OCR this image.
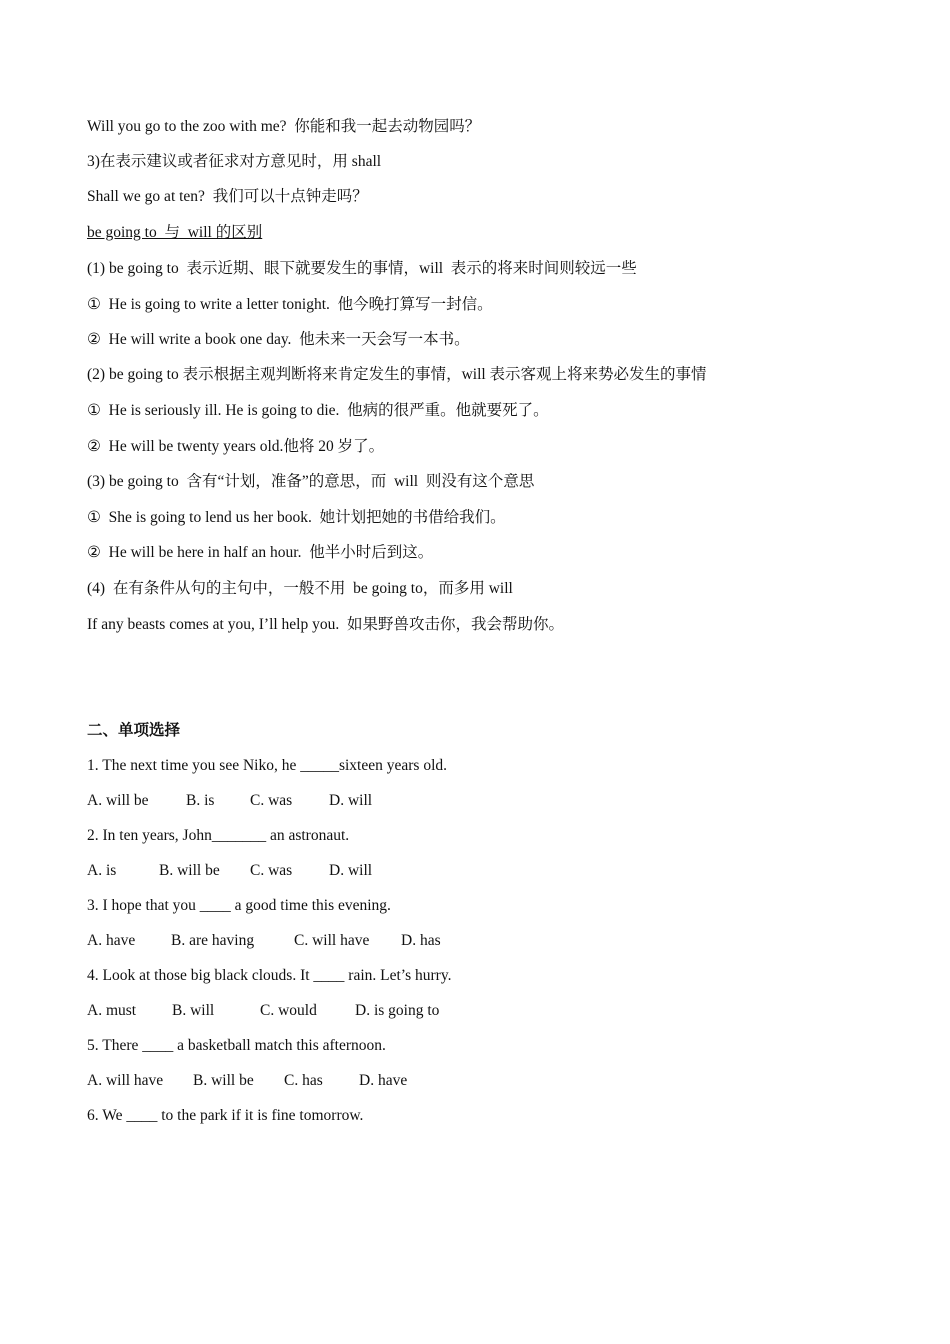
Will you go to the zoo with me?  你能和我一起去动物园吗？
3)在表示建议或者征求对方意见时，用 shall
Shall we go at ten?  我们可以十点钟走吗？
be going to  与  will 的区别
(1) be going to  表示近期、眼下就要发生的事情，will  表示的将来时间则较远一些
①  He is going to write a letter tonight.  他今晚打算写一封信。
②  He will write a book one day.  他未来一天会写一本书。
(2) be going to 表示根据主观判断将来肯定发生的事情，will 表示客观上将来势必发生的事情
①  He is seriously ill. He is going to die.  他病的很严重。他就要死了。
②  He will be twenty years old.他将 20 岁了。
(3) be going to  含有“计划，准备”的意思，而  will  则没有这个意思
①  She is going to lend us her book.  她计划把她的书借给我们。
②  He will be here in half an hour.  他半小时后到这。
(4)  在有条件从句的主句中，一般不用  be going to，而多用 will
If any beasts comes at you, I’ll help you.  如果野兽攻击你，我会帮助你。
二、单项选择
1. The next time you see Niko, he _____sixteen years old.

A. will be

B. is

C. was

D. will

2. In ten years, John_______ an astronaut.

A. is

	B. will be

C. was

D. will

3. I hope that you ____ a good time this evening.

A. have

B. are having

	C. will have

D. has

4. Look at those big black clouds. It ____ rain. Let’s hurry.

A. must

B. will

	C. would

D. is going to

5. There ____ a basketball match this afternoon.

A. will have

B. will be

C. has

D. have

6. We ____ to the park if it is fine tomorrow.
